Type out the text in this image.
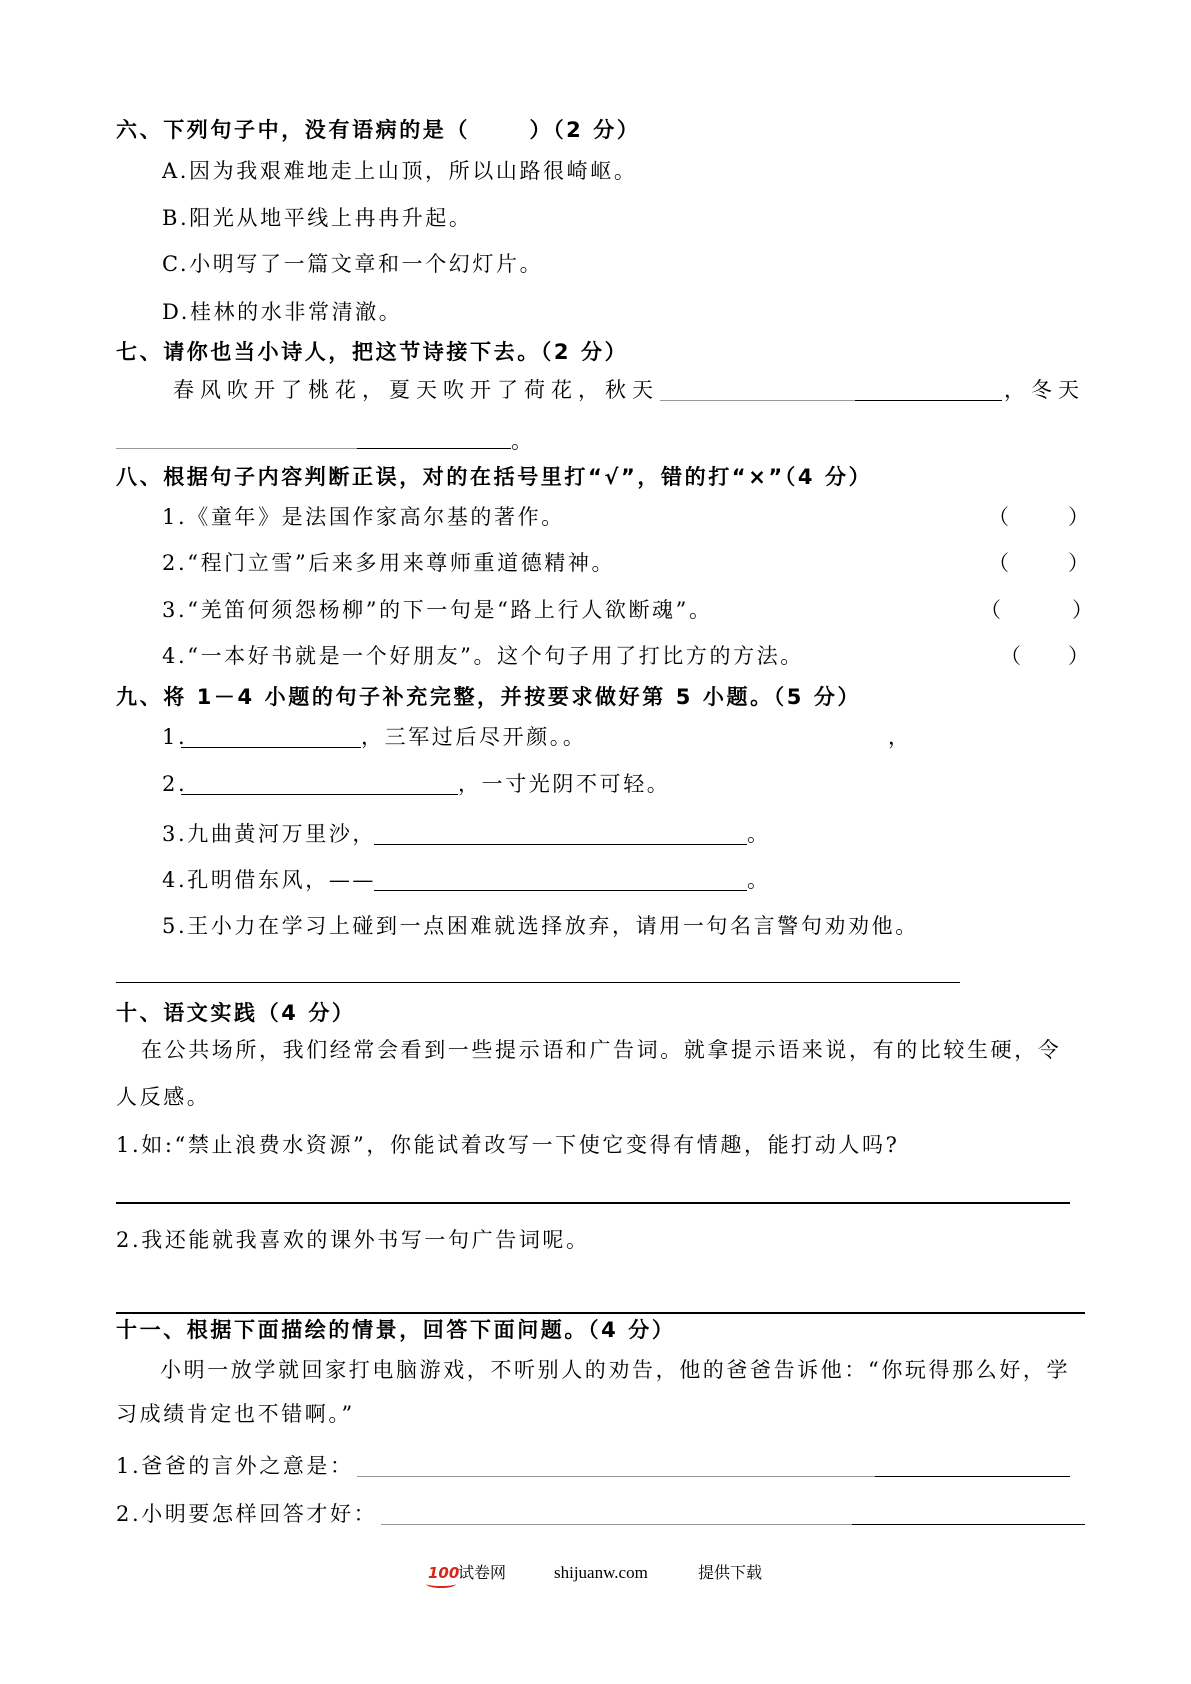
六、下列句子中，没有语病的是（      ）（2 分）
A.因为我艰难地走上山顶，所以山路很崎岖。
B.阳光从地平线上冉冉升起。
C.小明写了一篇文章和一个幻灯片。
D.桂林的水非常清澈。
七、请你也当小诗人，把这节诗接下去。（2 分）
春风吹开了桃花，夏天吹开了荷花，秋天	，冬天
。
八、根据句子内容判断正误，对的在括号里打“√”，错的打“×”（4 分）
1.《童年》是法国作家高尔基的著作。	（	）
2.“程门立雪”后来多用来尊师重道德精神。	（	）
3.“羌笛何须怨杨柳”的下一句是“路上行人欲断魂”。	（	）
4.“一本好书就是一个好朋友”。这个句子用了打比方的方法。	（ ）
九、将 1－4 小题的句子补充完整，并按要求做好第 5 小题。（5 分）
1.	，三军过后尽开颜。。	，
2.	，一寸光阴不可轻。
3.九曲黄河万里沙，	。
4.孔明借东风，——	。
5.王小力在学习上碰到一点困难就选择放弃，请用一句名言警句劝劝他。
十、语文实践（4 分）
在公共场所，我们经常会看到一些提示语和广告词。就拿提示语来说，有的比较生硬，令
人反感。
1.如:“禁止浪费水资源”，你能试着改写一下使它变得有情趣，能打动人吗?
2.我还能就我喜欢的课外书写一句广告词呢。
十一、根据下面描绘的情景，回答下面问题。（4 分）
小明一放学就回家打电脑游戏，不听别人的劝告，他的爸爸告诉他：“你玩得那么好，学
习成绩肯定也不错啊。”
1.爸爸的言外之意是：
2.小明要怎样回答才好：
100
试卷网	shijuanw.com	提供下载
